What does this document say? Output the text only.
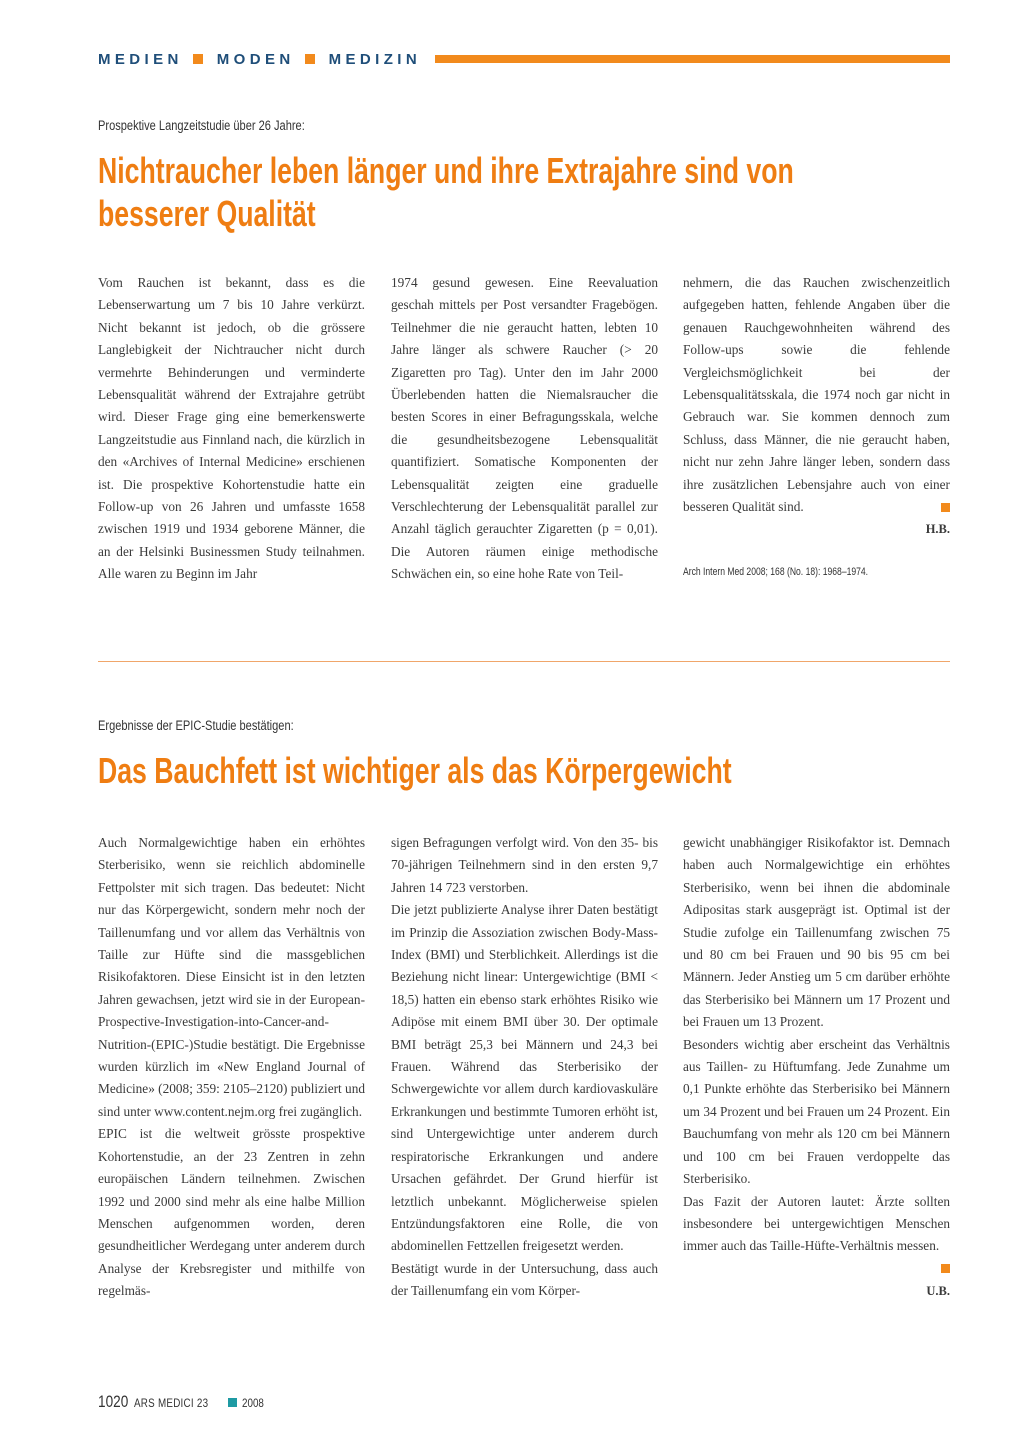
MEDIEN MODEN MEDIZIN
Prospektive Langzeitstudie über 26 Jahre:
Nichtraucher leben länger und ihre Extrajahre sind von
besserer Qualität

Vom Rauchen ist bekannt, dass es die Lebenserwartung um 7 bis 10 Jahre verkürzt. Nicht bekannt ist jedoch, ob die grössere Langlebigkeit der Nichtraucher nicht durch vermehrte Behinderungen und verminderte Lebensqualität während der Extrajahre getrübt wird. Dieser Frage ging eine bemerkenswerte Langzeitstudie aus Finnland nach, die kürzlich in den «Archives of Internal Medicine» erschienen ist. Die prospektive Kohortenstudie hatte ein Follow-up von 26 Jahren und umfasste 1658 zwischen 1919 und 1934 geborene Männer, die an der Helsinki Businessmen Study teilnahmen. Alle waren zu Beginn im Jahr

1974 gesund gewesen. Eine Reevaluation geschah mittels per Post versandter Fragebögen. Teilnehmer die nie geraucht hatten, lebten 10 Jahre länger als schwere Raucher (> 20 Zigaretten pro Tag). Unter den im Jahr 2000 Überlebenden hatten die Niemalsraucher die besten Scores in einer Befragungsskala, welche die gesundheitsbezogene Lebensqualität quantifiziert. Somatische Komponenten der Lebensqualität zeigten eine graduelle Verschlechterung der Lebensqualität parallel zur Anzahl täglich gerauchter Zigaretten (p = 0,01). Die Autoren räumen einige methodische Schwächen ein, so eine hohe Rate von Teil-

nehmern, die das Rauchen zwischenzeitlich aufgegeben hatten, fehlende Angaben über die genauen Rauchgewohnheiten während des Follow-ups sowie die fehlende Vergleichsmöglichkeit bei der Lebensqualitätsskala, die 1974 noch gar nicht in Gebrauch war. Sie kommen dennoch zum Schluss, dass Männer, die nie geraucht haben, nicht nur zehn Jahre länger leben, sondern dass ihre zusätzlichen Lebensjahre auch von einer besseren Qualität sind.

H.B.
Arch Intern Med 2008; 168 (No. 18): 1968–1974.
Ergebnisse der EPIC-Studie bestätigen:
Das Bauchfett ist wichtiger als das Körpergewicht

Auch Normalgewichtige haben ein erhöhtes Sterberisiko, wenn sie reichlich abdominelle Fettpolster mit sich tragen. Das bedeutet: Nicht nur das Körpergewicht, sondern mehr noch der Taillenumfang und vor allem das Verhältnis von Taille zur Hüfte sind die massgeblichen Risikofaktoren. Diese Einsicht ist in den letzten Jahren gewachsen, jetzt wird sie in der European-Prospective-Investigation-into-Cancer-and-Nutrition-(EPIC-)Studie bestätigt. Die Ergebnisse wurden kürzlich im «New England Journal of Medicine» (2008; 359: 2105–2120) publiziert und sind unter www.content.nejm.org frei zugänglich.

EPIC ist die weltweit grösste prospektive Kohortenstudie, an der 23 Zentren in zehn europäischen Ländern teilnehmen. Zwischen 1992 und 2000 sind mehr als eine halbe Million Menschen aufgenommen worden, deren gesundheitlicher Werdegang unter anderem durch Analyse der Krebsregister und mithilfe von regelmäs-

sigen Befragungen verfolgt wird. Von den 35- bis 70-jährigen Teilnehmern sind in den ersten 9,7 Jahren 14 723 verstorben.

Die jetzt publizierte Analyse ihrer Daten bestätigt im Prinzip die Assoziation zwischen Body-Mass-Index (BMI) und Sterblichkeit. Allerdings ist die Beziehung nicht linear: Untergewichtige (BMI < 18,5) hatten ein ebenso stark erhöhtes Risiko wie Adipöse mit einem BMI über 30. Der optimale BMI beträgt 25,3 bei Männern und 24,3 bei Frauen. Während das Sterberisiko der Schwergewichte vor allem durch kardiovaskuläre Erkrankungen und bestimmte Tumoren erhöht ist, sind Untergewichtige unter anderem durch respiratorische Erkrankungen und andere Ursachen gefährdet. Der Grund hierfür ist letztlich unbekannt. Möglicherweise spielen Entzündungsfaktoren eine Rolle, die von abdominellen Fettzellen freigesetzt werden.

Bestätigt wurde in der Untersuchung, dass auch der Taillenumfang ein vom Körper-

gewicht unabhängiger Risikofaktor ist. Demnach haben auch Normalgewichtige ein erhöhtes Sterberisiko, wenn bei ihnen die abdominale Adipositas stark ausgeprägt ist. Optimal ist der Studie zufolge ein Taillenumfang zwischen 75 und 80 cm bei Frauen und 90 bis 95 cm bei Männern. Jeder Anstieg um 5 cm darüber erhöhte das Sterberisiko bei Männern um 17 Prozent und bei Frauen um 13 Prozent.

Besonders wichtig aber erscheint das Verhältnis aus Taillen- zu Hüftumfang. Jede Zunahme um 0,1 Punkte erhöhte das Sterberisiko bei Männern um 34 Prozent und bei Frauen um 24 Prozent. Ein Bauchumfang von mehr als 120 cm bei Männern und 100 cm bei Frauen verdoppelte das Sterberisiko.

Das Fazit der Autoren lautet: Ärzte sollten insbesondere bei untergewichtigen Menschen immer auch das Taille-Hüfte-Verhältnis messen.

U.B.
1020 ARS MEDICI 23	2008
